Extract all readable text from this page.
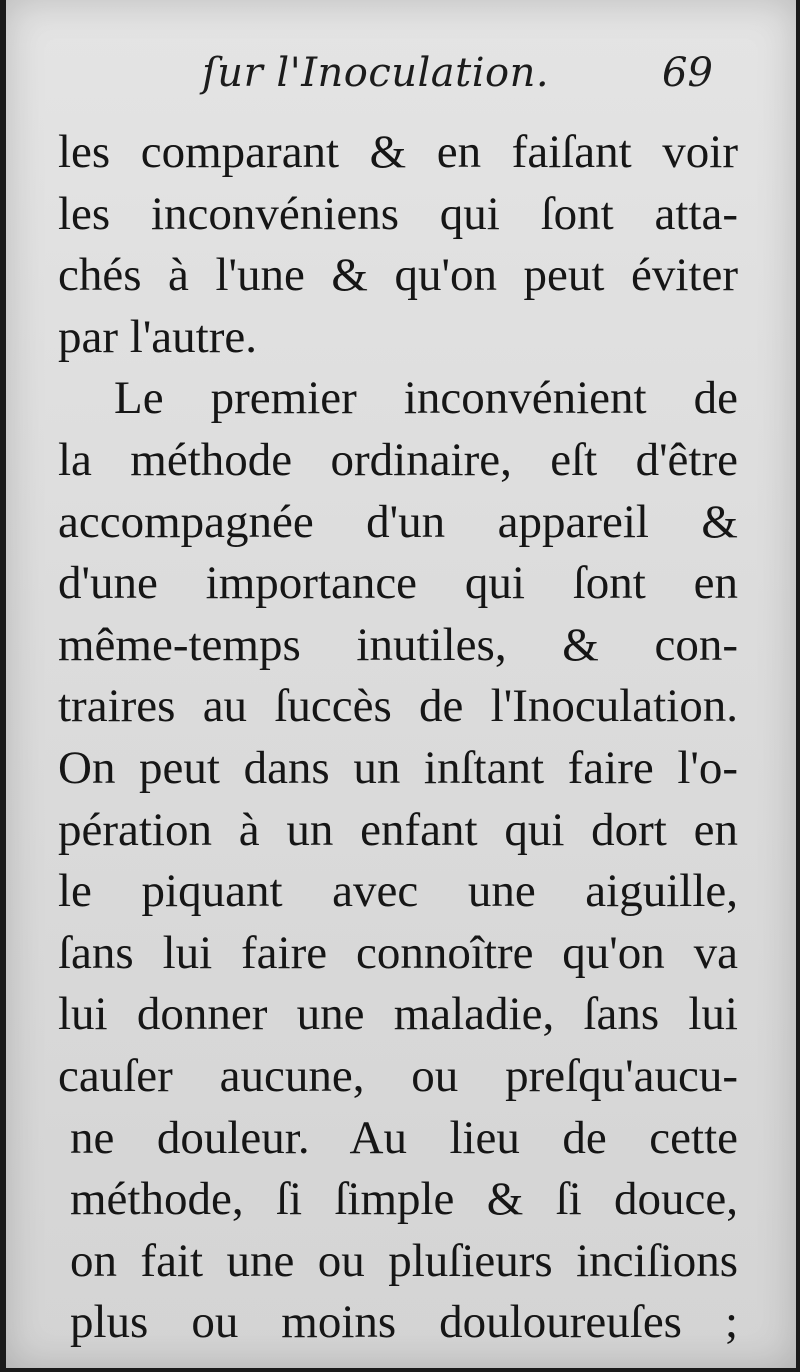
ſur l'Inoculation.	69
les comparant & en faiſant voir
les inconvéniens qui ſont atta-
chés à l'une & qu'on peut éviter
par l'autre.
Le premier inconvénient de
la méthode ordinaire, eſt d'être
accompagnée d'un appareil &
d'une importance qui ſont en
même-temps inutiles, & con-
traires au ſuccès de l'Inoculation.
On peut dans un inſtant faire l'o-
pération à un enfant qui dort en
le piquant avec une aiguille,
ſans lui faire connoître qu'on va
lui donner une maladie, ſans lui
cauſer aucune, ou preſqu'aucu-
ne douleur. Au lieu de cette
méthode, ſi ſimple & ſi douce,
on fait une ou pluſieurs inciſions
plus ou moins douloureuſes ;
